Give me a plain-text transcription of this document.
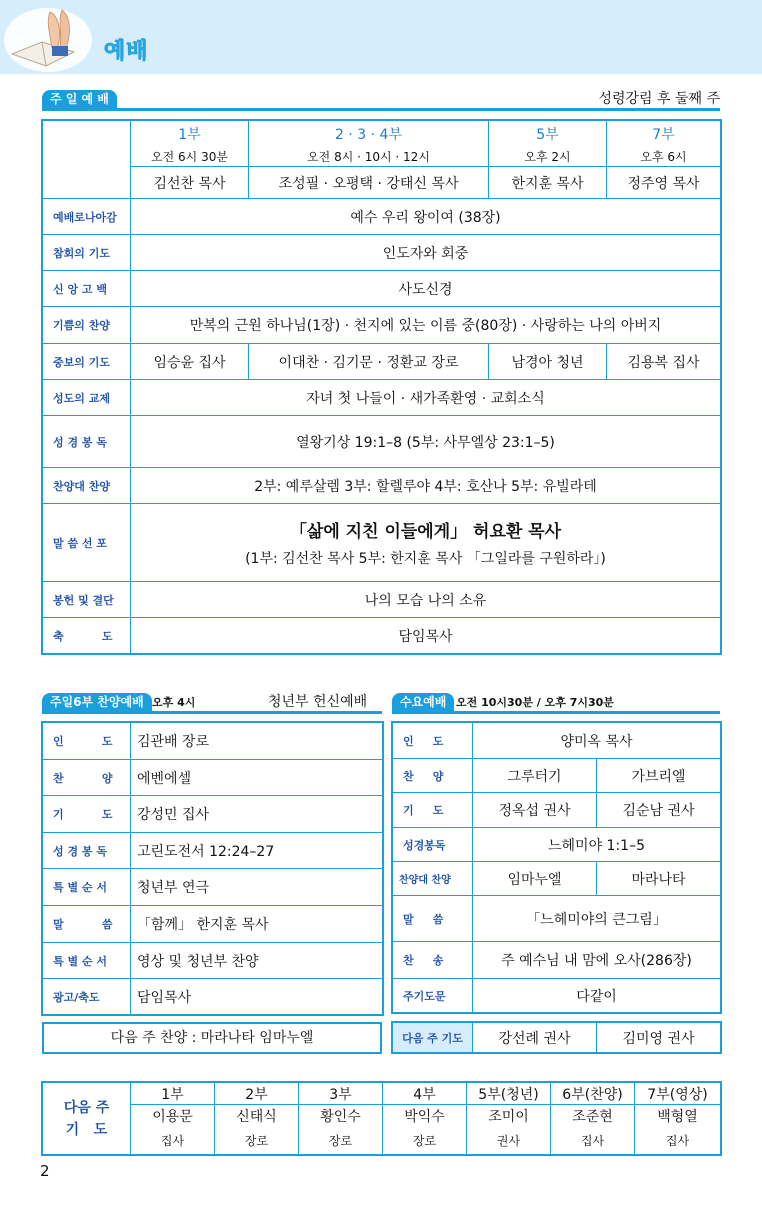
예배
주 일 예 배	성령강림 후 둘째 주
	1부	2 · 3 · 4부	5부	7부
	오전 6시 30분	오전 8시 · 10시 · 12시	오후 2시	오후 6시
	김선찬 목사	조성필 · 오평택 · 강태신 목사	한지훈 목사	정주영 목사
예배로나아감	예수 우리 왕이여 (38장)			
참회의 기도	인도자와 회중			
신 앙 고 백	사도신경			
기쁨의 찬양	만복의 근원 하나님(1장) · 천지에 있는 이름 중(80장) · 사랑하는 나의 아버지			
중보의 기도	임승윤 집사	이대찬 · 김기문 · 정환교 장로	남경아 청년	김용복 집사
성도의 교제	자녀 첫 나들이 · 새가족환영 · 교회소식			
성 경 봉 독	열왕기상 19:1–8 (5부: 사무엘상 23:1–5)			
찬양대 찬양	2부: 예루살렘 3부: 할렐루야 4부: 호산나 5부: 유빌라테			
말 씀 선 포	「삶에 지친 이들에게」 허요환 목사
(1부: 김선찬 목사 5부: 한지훈 목사 「그일라를 구원하라」)			

봉헌 및 결단	나의 모습 나의 소유			
축          도	담임목사			
주일6부 찬양예배 오후 4시	청년부 헌신예배
인          도	김관배 장로
찬          양	에벤에셀
기          도	강성민 집사
성 경 봉 독	고린도전서 12:24–27
특 별 순 서	청년부 연극
말          씀	「함께」 한지훈 목사
특 별 순 서	영상 및 청년부 찬양
광고/축도	담임목사
다음 주 찬양 : 마라나타 임마누엘
수요예배 오전 10시30분 / 오후 7시30분
인     도	양미옥 목사	
찬     양	그루터기	가브리엘
기     도	정옥섭 권사	김순남 권사
성경봉독	느헤미야 1:1–5	
찬양대 찬양	임마누엘	마라나타
말     씀	「느헤미야의 큰그림」	
찬     송	주 예수님 내 맘에 오사(286장)	
주기도문	다같이	
다음 주 기도	강선례 권사	김미영 권사
다음 주
기   도	1부	2부	3부	4부	5부(청년)	6부(찬양)	7부(영상)
	이용문	신태식	황인수	박익수	조미이	조준현	백형열
	집사	장로	장로	장로	권사	집사	집사
2
